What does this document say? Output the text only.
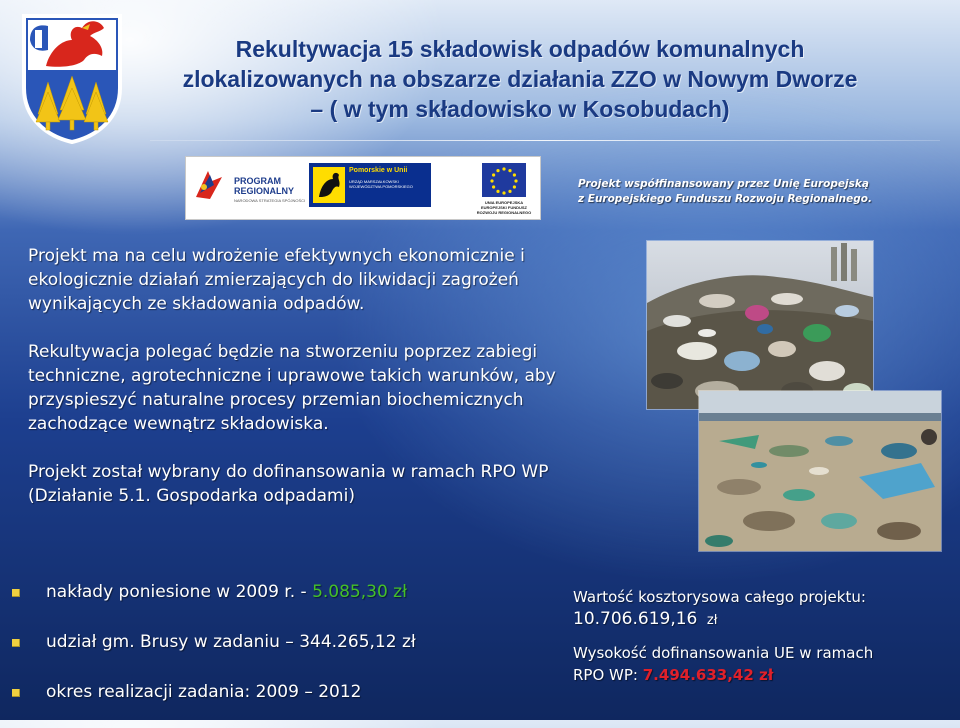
Rekultywacja 15 składowisk odpadów komunalnych zlokalizowanych na obszarze działania ZZO w Nowym Dworze – ( w tym składowisko w Kosobudach)
PROGRAM REGIONALNY
NARODOWA STRATEGIA SPÓJNOŚCI
Pomorskie w Unii
URZĄD MARSZAŁKOWSKI WOJEWÓDZTWA POMORSKIEGO
UNIA EUROPEJSKA EUROPEJSKI FUNDUSZ ROZWOJU REGIONALNEGO

Projekt współfinansowany przez Unię Europejską
z Europejskiego Funduszu Rozwoju Regionalnego.

Projekt ma na celu wdrożenie efektywnych ekonomicznie i ekologicznie działań zmierzających do likwidacji zagrożeń wynikających ze składowania odpadów.

Rekultywacja polegać będzie na stworzeniu poprzez zabiegi techniczne, agrotechniczne i uprawowe takich warunków, aby przyspieszyć naturalne procesy przemian biochemicznych zachodzące wewnątrz składowiska.

Projekt został wybrany do dofinansowania w ramach RPO WP (Działanie 5.1. Gospodarka odpadami)

nakłady poniesione w 2009 r. - 5.085,30 zł
udział gm. Brusy w zadaniu – 344.265,12 zł
okres realizacji zadania: 2009 – 2012
Wartość kosztorysowa całego projektu:
10.706.619,16 zł
Wysokość dofinansowania UE w ramach
RPO WP: 7.494.633,42 zł
